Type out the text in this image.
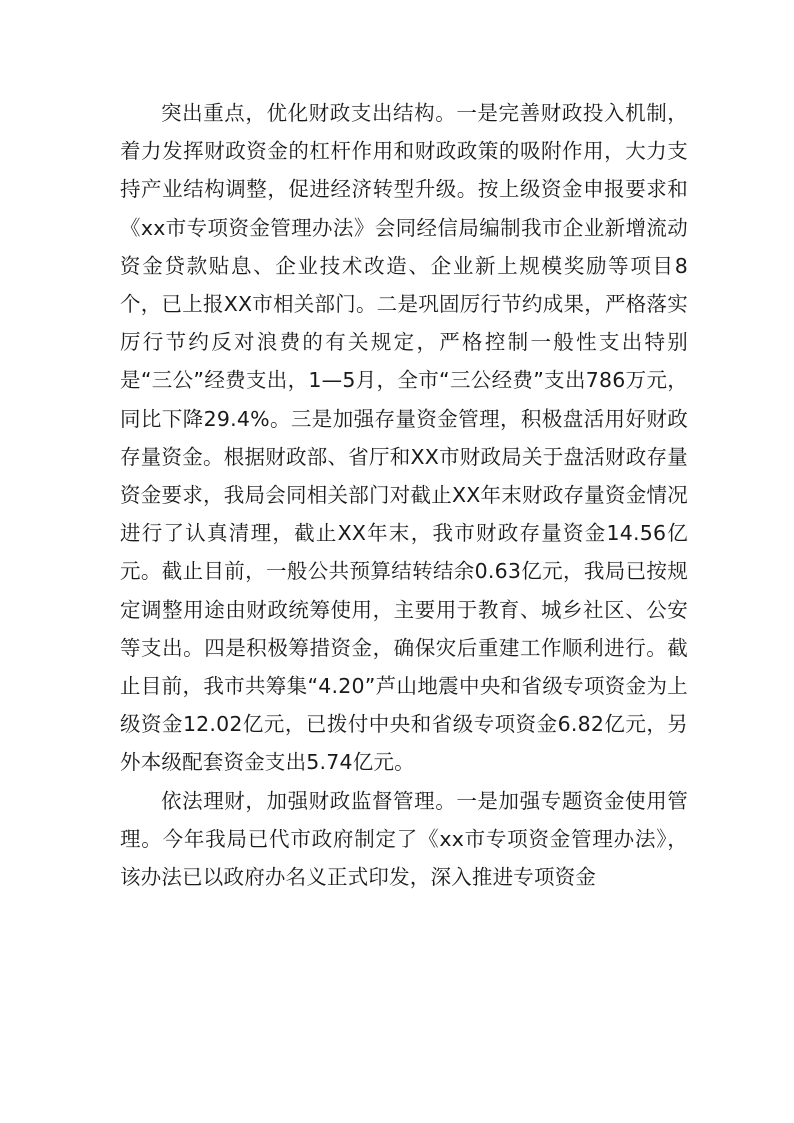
突出重点，优化财政支出结构。一是完善财政投入机制，着力发挥财政资金的杠杆作用和财政政策的吸附作用，大力支持产业结构调整，促进经济转型升级。按上级资金申报要求和《xx市专项资金管理办法》会同经信局编制我市企业新增流动资金贷款贴息、企业技术改造、企业新上规模奖励等项目8个，已上报XX市相关部门。二是巩固厉行节约成果，严格落实厉行节约反对浪费的有关规定，严格控制一般性支出特别是“三公”经费支出，1—5月，全市“三公经费”支出786万元，同比下降29.4%。三是加强存量资金管理，积极盘活用好财政存量资金。根据财政部、省厅和XX市财政局关于盘活财政存量资金要求，我局会同相关部门对截止XX年末财政存量资金情况进行了认真清理，截止XX年末，我市财政存量资金14.56亿元。截止目前，一般公共预算结转结余0.63亿元，我局已按规定调整用途由财政统筹使用，主要用于教育、城乡社区、公安等支出。四是积极筹措资金，确保灾后重建工作顺利进行。截止目前，我市共筹集“4.20”芦山地震中央和省级专项资金为上级资金12.02亿元，已拨付中央和省级专项资金6.82亿元，另外本级配套资金支出5.74亿元。

依法理财，加强财政监督管理。一是加强专题资金使用管理。今年我局已代市政府制定了《xx市专项资金管理办法》，该办法已以政府办名义正式印发，深入推进专项资金
